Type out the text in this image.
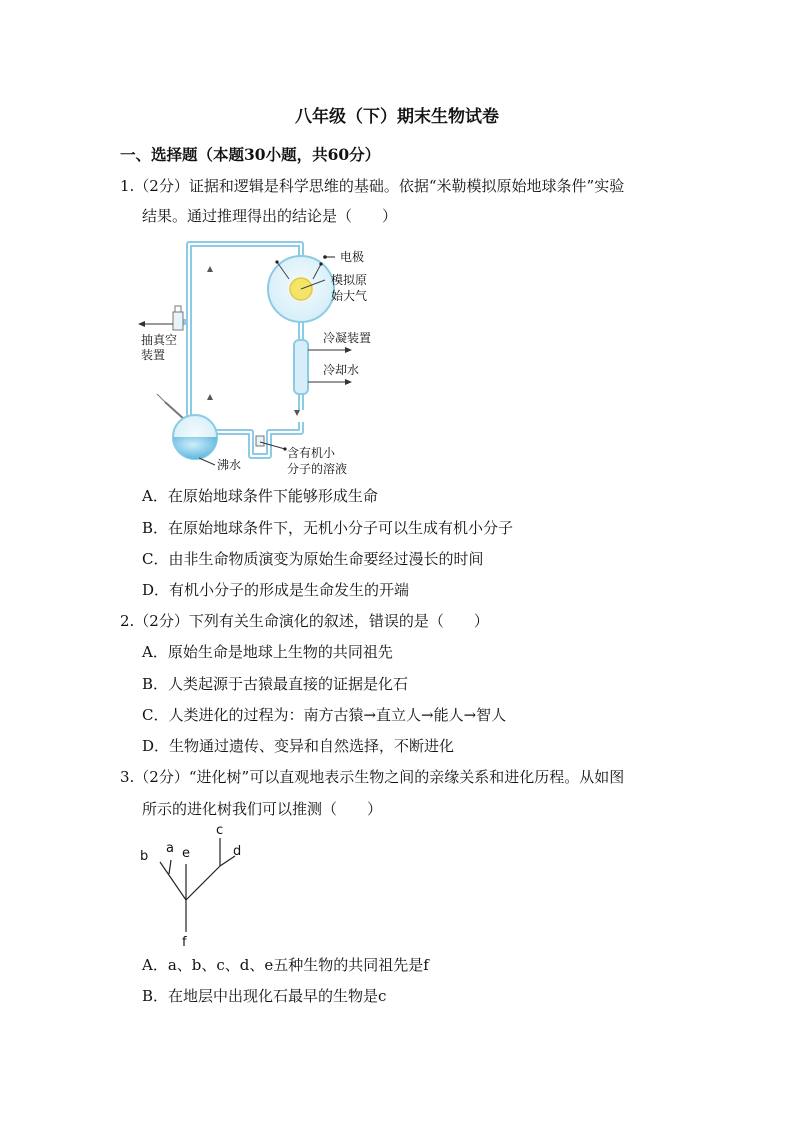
八年级（下）期末生物试卷
一、选择题（本题30小题，共60分）
1.（2分）证据和逻辑是科学思维的基础。依据“米勒模拟原始地球条件”实验
结果。通过推理得出的结论是（　　）
电极
模拟原
始大气
抽真空
装置
冷凝装置
冷却水
沸水
含有机小
分子的溶液
A．在原始地球条件下能够形成生命
B．在原始地球条件下，无机小分子可以生成有机小分子
C．由非生命物质演变为原始生命要经过漫长的时间
D．有机小分子的形成是生命发生的开端
2.（2分）下列有关生命演化的叙述，错误的是（　　）
A．原始生命是地球上生物的共同祖先
B．人类起源于古猿最直接的证据是化石
C．人类进化的过程为：南方古猿→直立人→能人→智人
D．生物通过遗传、变异和自然选择，不断进化
3.（2分）“进化树”可以直观地表示生物之间的亲缘关系和进化历程。从如图
所示的进化树我们可以推测（　　）
b
a e
c
d
f
A．a、b、c、d、e五种生物的共同祖先是f
B．在地层中出现化石最早的生物是c
